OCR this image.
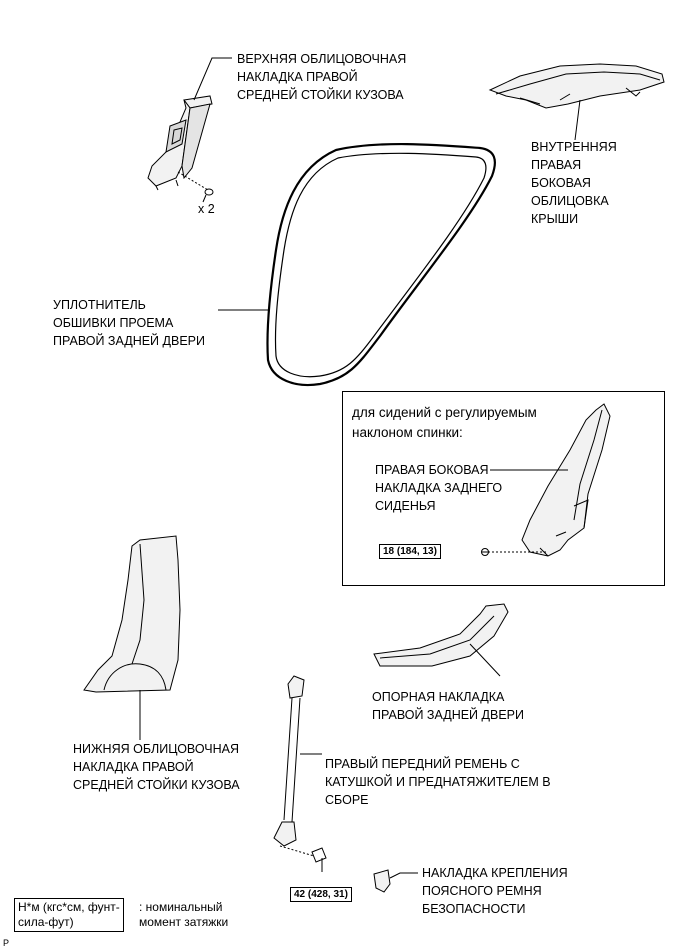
ВЕРХНЯЯ ОБЛИЦОВОЧНАЯ
НАКЛАДКА ПРАВОЙ
СРЕДНЕЙ СТОЙКИ КУЗОВА
x 2
ВНУТРЕННЯЯ
ПРАВАЯ
БОКОВАЯ
ОБЛИЦОВКА
КРЫШИ
УПЛОТНИТЕЛЬ
ОБШИВКИ ПРОЕМА
ПРАВОЙ ЗАДНЕЙ ДВЕРИ
для сидений с регулируемым
наклоном спинки:
ПРАВАЯ БОКОВАЯ
НАКЛАДКА ЗАДНЕГО
СИДЕНЬЯ
18 (184, 13)
НИЖНЯЯ ОБЛИЦОВОЧНАЯ
НАКЛАДКА ПРАВОЙ
СРЕДНЕЙ СТОЙКИ КУЗОВА
ОПОРНАЯ НАКЛАДКА
ПРАВОЙ ЗАДНЕЙ ДВЕРИ
ПРАВЫЙ ПЕРЕДНИЙ РЕМЕНЬ С
КАТУШКОЙ И ПРЕДНАТЯЖИТЕЛЕМ В
СБОРЕ
42 (428, 31)
НАКЛАДКА КРЕПЛЕНИЯ
ПОЯСНОГО РЕМНЯ
БЕЗОПАСНОСТИ
Н*м (кгс*см, фунт-
сила-фут)
: номинальный
момент затяжки
P
